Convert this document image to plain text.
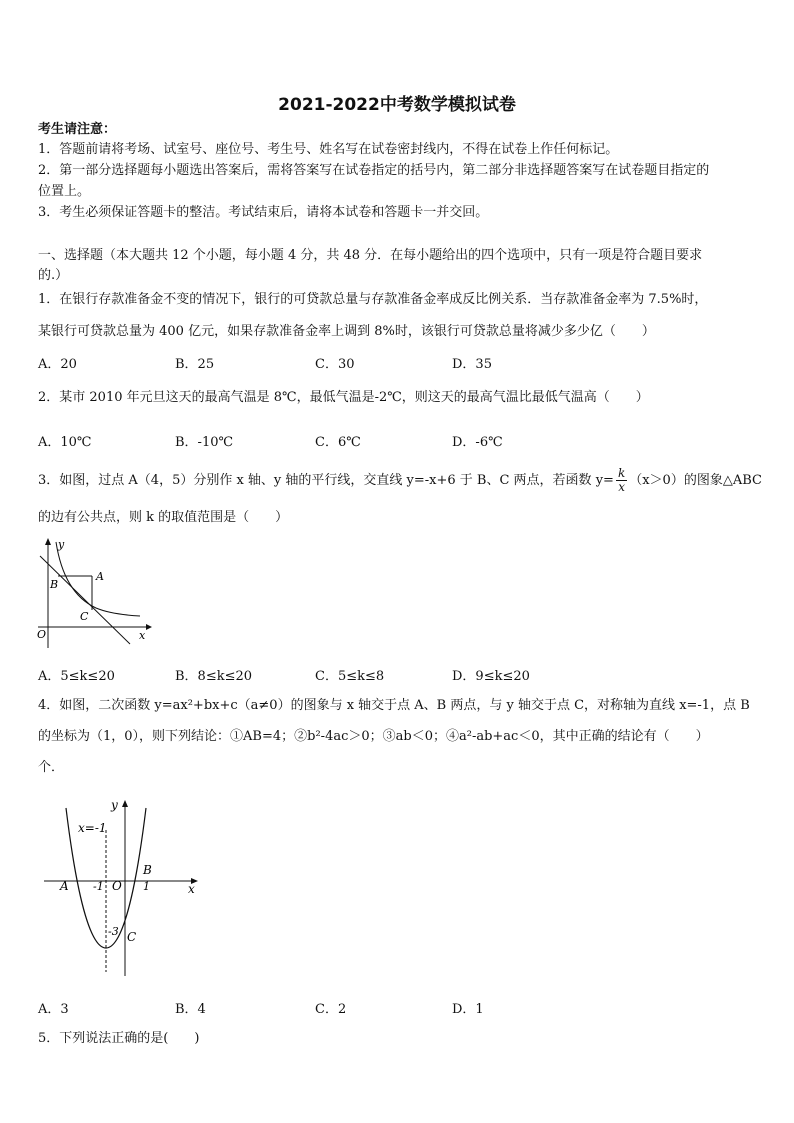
2021-2022中考数学模拟试卷
考生请注意：
1．答题前请将考场、试室号、座位号、考生号、姓名写在试卷密封线内，不得在试卷上作任何标记。
2．第一部分选择题每小题选出答案后，需将答案写在试卷指定的括号内，第二部分非选择题答案写在试卷题目指定的
位置上。
3．考生必须保证答题卡的整洁。考试结束后，请将本试卷和答题卡一并交回。
一、选择题（本大题共 12 个小题，每小题 4 分，共 48 分．在每小题给出的四个选项中，只有一项是符合题目要求
的.）
1．在银行存款准备金不变的情况下，银行的可贷款总量与存款准备金率成反比例关系．当存款准备金率为 7.5%时，
某银行可贷款总量为 400 亿元，如果存款准备金率上调到 8%时，该银行可贷款总量将减少多少亿（　　）
A．20	B．25	C．30	D．35
2．某市 2010 年元旦这天的最高气温是 8℃，最低气温是-2℃，则这天的最高气温比最低气温高（　　）
A．10℃	B．-10℃	C．6℃	D．-6℃
3．如图，过点 A（4，5）分别作 x 轴、y 轴的平行线，交直线 y=-x+6 于 B、C 两点，若函数 $y= \frac{k}{x} (x>0)$的图象△ABC
的边有公共点，则 k 的取值范围是（　　）
y
A
B
C
O	x
A．5≤k≤20	B．8≤k≤20	C．5≤k≤8	D．9≤k≤20
4．如图，二次函数 y=ax²+bx+c（a≠0）的图象与 x 轴交于点 A、B 两点，与 y 轴交于点 C，对称轴为直线 x=-1，点 B
的坐标为（1，0），则下列结论：①AB=4；②b²-4ac＞0；③ab＜0；④a²-ab+ac＜0，其中正确的结论有（　　）
个．
y
x=-1
B
A -1 O 1	x
-3 C
A．3	B．4	C．2	D．1
5．下列说法正确的是(　　)
